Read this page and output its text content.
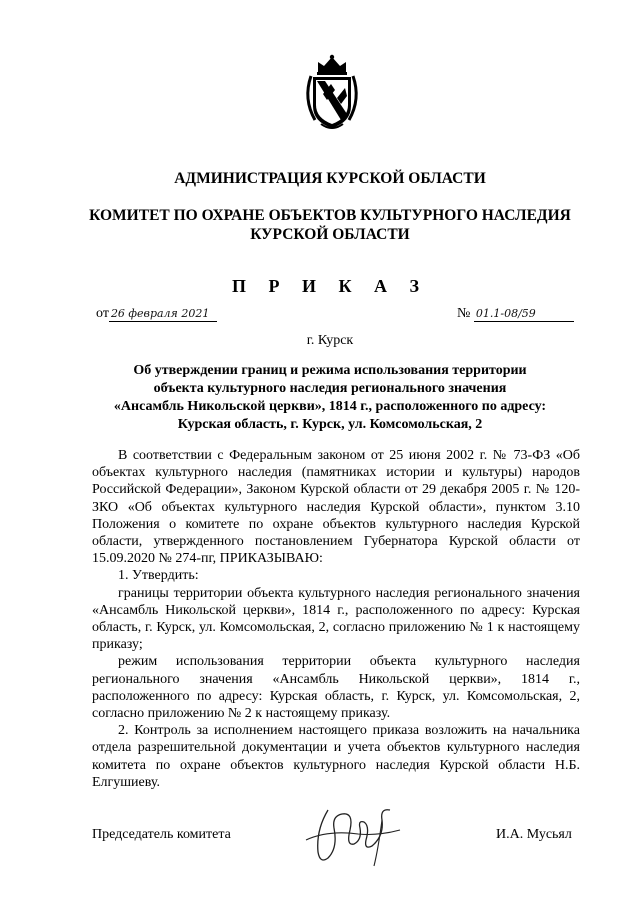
АДМИНИСТРАЦИЯ КУРСКОЙ ОБЛАСТИ
КОМИТЕТ ПО ОХРАНЕ ОБЪЕКТОВ КУЛЬТУРНОГО НАСЛЕДИЯ
КУРСКОЙ ОБЛАСТИ
П Р И К А З
от 26 февраля 2021	№ 01.1-08/59
г. Курск
Об утверждении границ и режима использования территории
объекта культурного наследия регионального значения
«Ансамбль Никольской церкви», 1814 г., расположенного по адресу:
Курская область, г. Курск, ул. Комсомольская, 2

В соответствии с Федеральным законом от 25 июня 2002 г. № 73-ФЗ «Об объектах культурного наследия (памятниках истории и культуры) народов Российской Федерации», Законом Курской области от 29 декабря 2005 г. № 120-ЗКО «Об объектах культурного наследия Курской области», пунктом 3.10 Положения о комитете по охране объектов культурного наследия Курской области, утвержденного постановлением Губернатора Курской области от 15.09.2020 № 274-пг, ПРИКАЗЫВАЮ:

1. Утвердить:

границы территории объекта культурного наследия регионального значения «Ансамбль Никольской церкви», 1814 г., расположенного по адресу: Курская область, г. Курск, ул. Комсомольская, 2, согласно приложению № 1 к настоящему приказу;

режим использования территории объекта культурного наследия регионального значения «Ансамбль Никольской церкви», 1814 г., расположенного по адресу: Курская область, г. Курск, ул. Комсомольская, 2, согласно приложению № 2 к настоящему приказу.

2. Контроль за исполнением настоящего приказа возложить на начальника отдела разрешительной документации и учета объектов культурного наследия комитета по охране объектов культурного наследия Курской области Н.Б. Елгушиеву.

Председатель комитета	И.А. Мусьял
